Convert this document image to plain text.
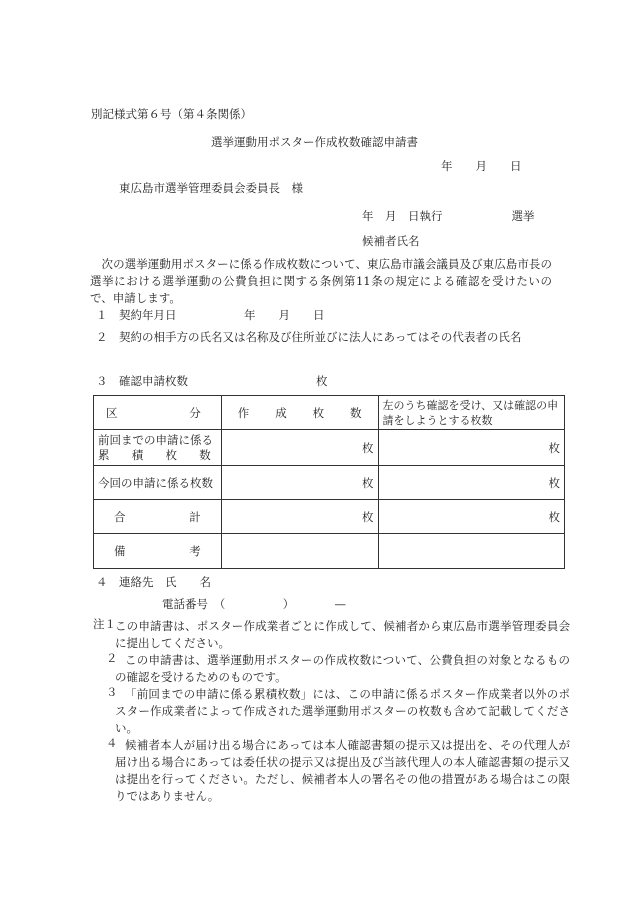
別記様式第６号（第４条関係）
選挙運動用ポスター作成枚数確認申請書
年　　月　　日
東広島市選挙管理委員会委員長　様
年　月　日執行　　　　　　選挙
候補者氏名
次の選挙運動用ポスターに係る作成枚数について、東広島市議会議員及び東広島市長の選挙における選挙運動の公費負担に関する条例第11条の規定による確認を受けたいので、申請します。
１　契約年月日	年　　月　　日
２　契約の相手方の氏名又は名称及び住所並びに法人にあってはその代表者の氏名
３　確認申請枚数	枚
区 分	作 成 枚 数	左のうち確認を受け、又は確認の申請をしようとする枚数

前回までの申請に係る
累 積 枚 数	枚	枚
今回の申請に係る枚数	枚	枚

合 計	枚	枚

備 考		

４　連絡先　氏　　名
電話番号　（　　　　　）　　　　—
注１ この申請書は、ポスター作成業者ごとに作成して、候補者から東広島市選挙管理委員会に提出してください。
２ この申請書は、選挙運動用ポスターの作成枚数について、公費負担の対象となるものの確認を受けるためのものです。
３ 「前回までの申請に係る累積枚数」には、この申請に係るポスター作成業者以外のポスター作成業者によって作成された選挙運動用ポスターの枚数も含めて記載してください。
４ 候補者本人が届け出る場合にあっては本人確認書類の提示又は提出を、その代理人が届け出る場合にあっては委任状の提示又は提出及び当該代理人の本人確認書類の提示又は提出を行ってください。ただし、候補者本人の署名その他の措置がある場合はこの限りではありません。
